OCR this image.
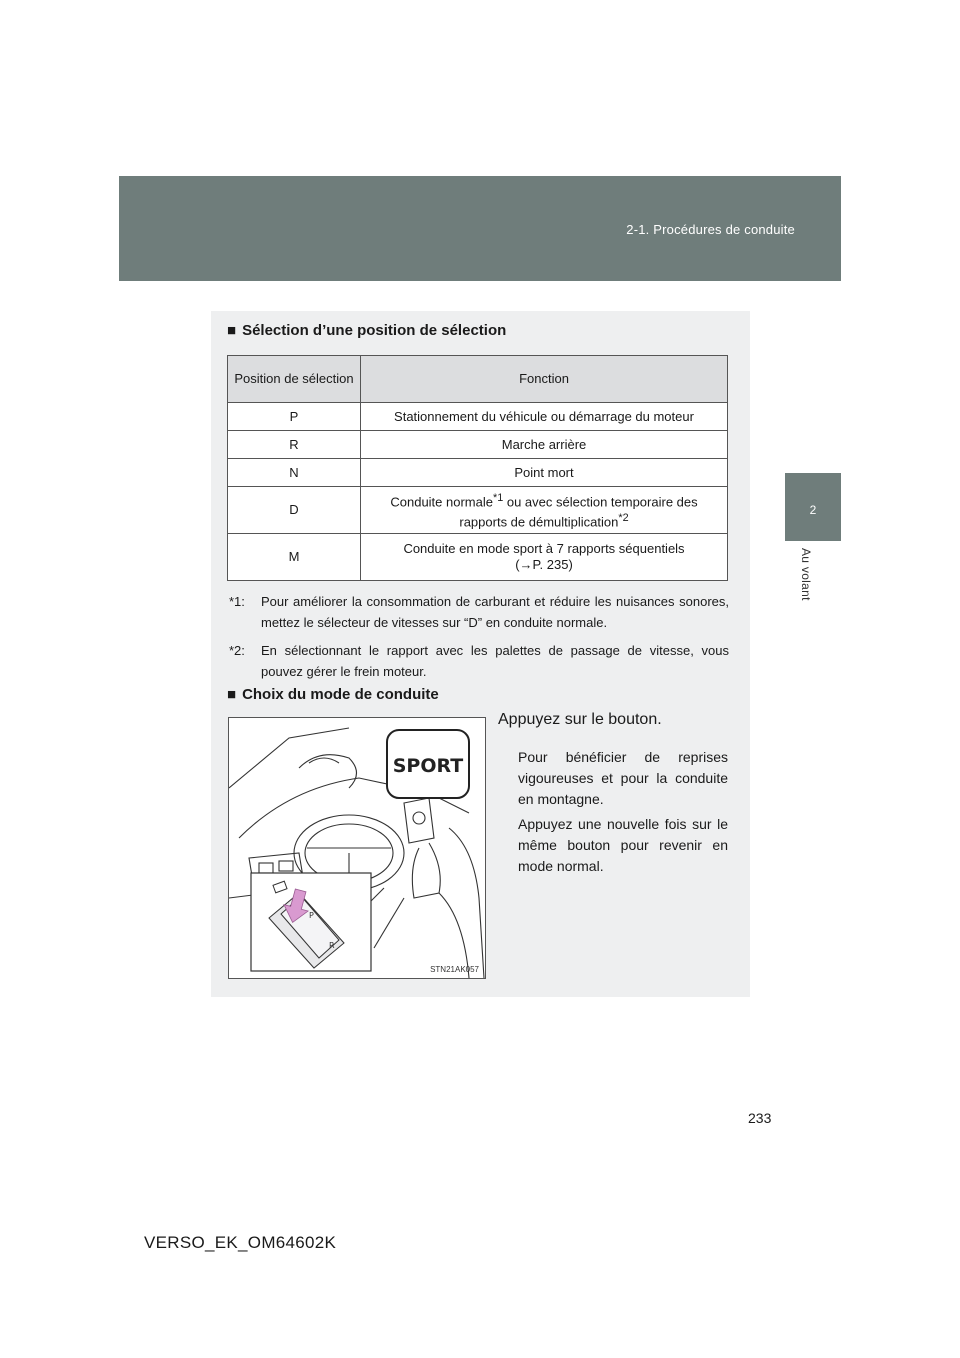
2-1. Procédures de conduite
2
Au volant
■ Sélection d’une position de sélection
Position de sélection	Fonction
P	Stationnement du véhicule ou démarrage du moteur
R	Marche arrière
N	Point mort
D	Conduite normale$^{*1}$ ou avec sélection temporaire des rapports de démultiplication$^{*2}$
M	Conduite en mode sport à 7 rapports séquentiels
(→P. 235)
*1:	Pour améliorer la consommation de carburant et réduire les nuisances sonores, mettez le sélecteur de vitesses sur “D” en conduite normale.
*2:	En sélectionnant le rapport avec les palettes de passage de vitesse, vous pouvez gérer le frein moteur.
■ Choix du mode de conduite
P
R
SPORT
STN21AK057
Appuyez sur le bouton.
Pour bénéficier de reprises vigoureuses et pour la conduite en montagne.
Appuyez une nouvelle fois sur le même bouton pour revenir en mode normal.
233
VERSO_EK_OM64602K
